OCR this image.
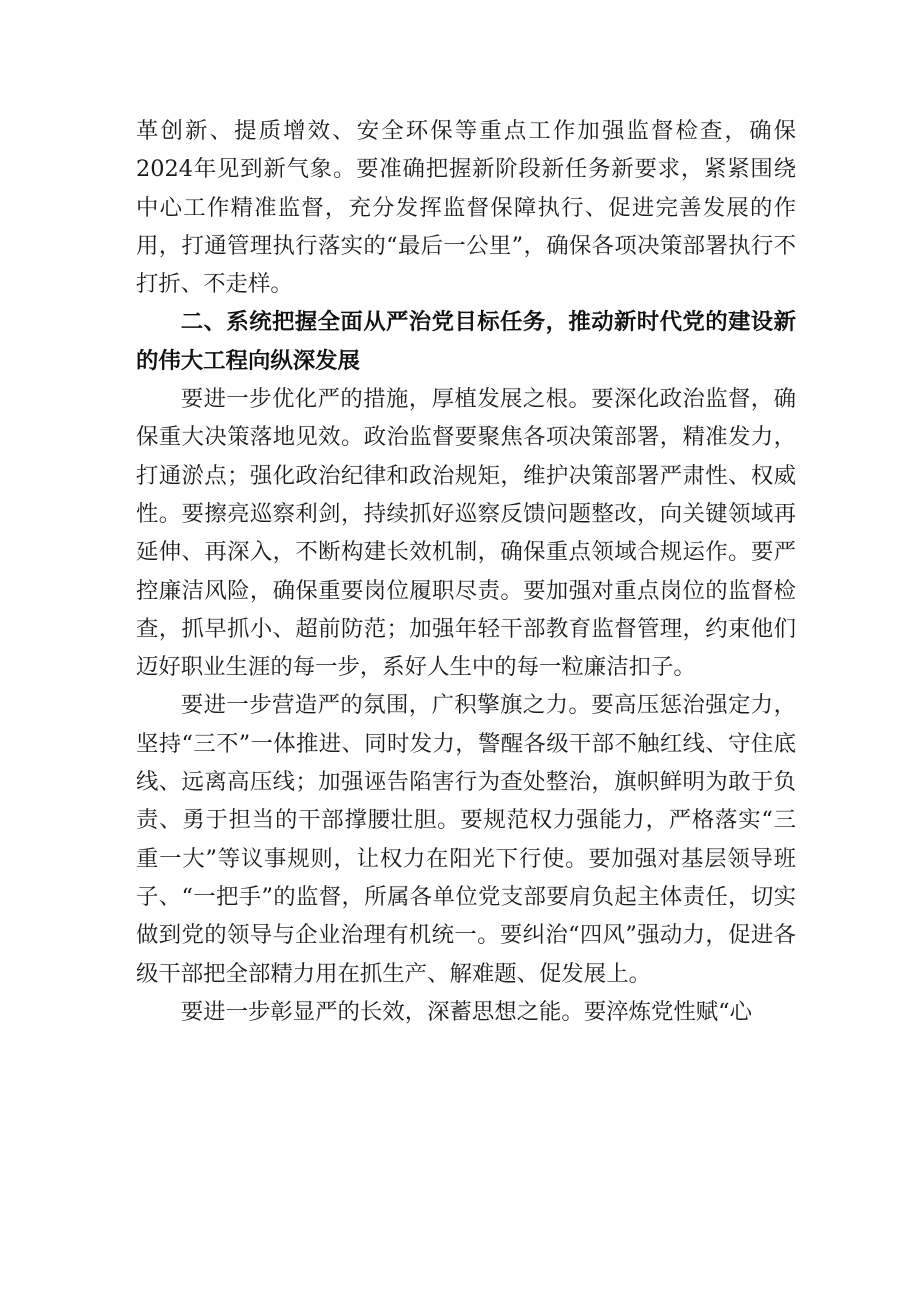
革创新、提质增效、安全环保等重点工作加强监督检查，确保2024年见到新气象。要准确把握新阶段新任务新要求，紧紧围绕中心工作精准监督，充分发挥监督保障执行、促进完善发展的作用，打通管理执行落实的“最后一公里”，确保各项决策部署执行不打折、不走样。

二、系统把握全面从严治党目标任务，推动新时代党的建设新的伟大工程向纵深发展

要进一步优化严的措施，厚植发展之根。要深化政治监督，确保重大决策落地见效。政治监督要聚焦各项决策部署，精准发力，打通淤点；强化政治纪律和政治规矩，维护决策部署严肃性、权威性。要擦亮巡察利剑，持续抓好巡察反馈问题整改，向关键领域再延伸、再深入，不断构建长效机制，确保重点领域合规运作。要严控廉洁风险，确保重要岗位履职尽责。要加强对重点岗位的监督检查，抓早抓小、超前防范；加强年轻干部教育监督管理，约束他们迈好职业生涯的每一步，系好人生中的每一粒廉洁扣子。

要进一步营造严的氛围，广积擎旗之力。要高压惩治强定力，坚持“三不”一体推进、同时发力，警醒各级干部不触红线、守住底线、远离高压线；加强诬告陷害行为查处整治，旗帜鲜明为敢于负责、勇于担当的干部撑腰壮胆。要规范权力强能力，严格落实“三重一大”等议事规则，让权力在阳光下行使。要加强对基层领导班子、“一把手”的监督，所属各单位党支部要肩负起主体责任，切实做到党的领导与企业治理有机统一。要纠治“四风”强动力，促进各级干部把全部精力用在抓生产、解难题、促发展上。

要进一步彰显严的长效，深蓄思想之能。要淬炼党性赋“心
